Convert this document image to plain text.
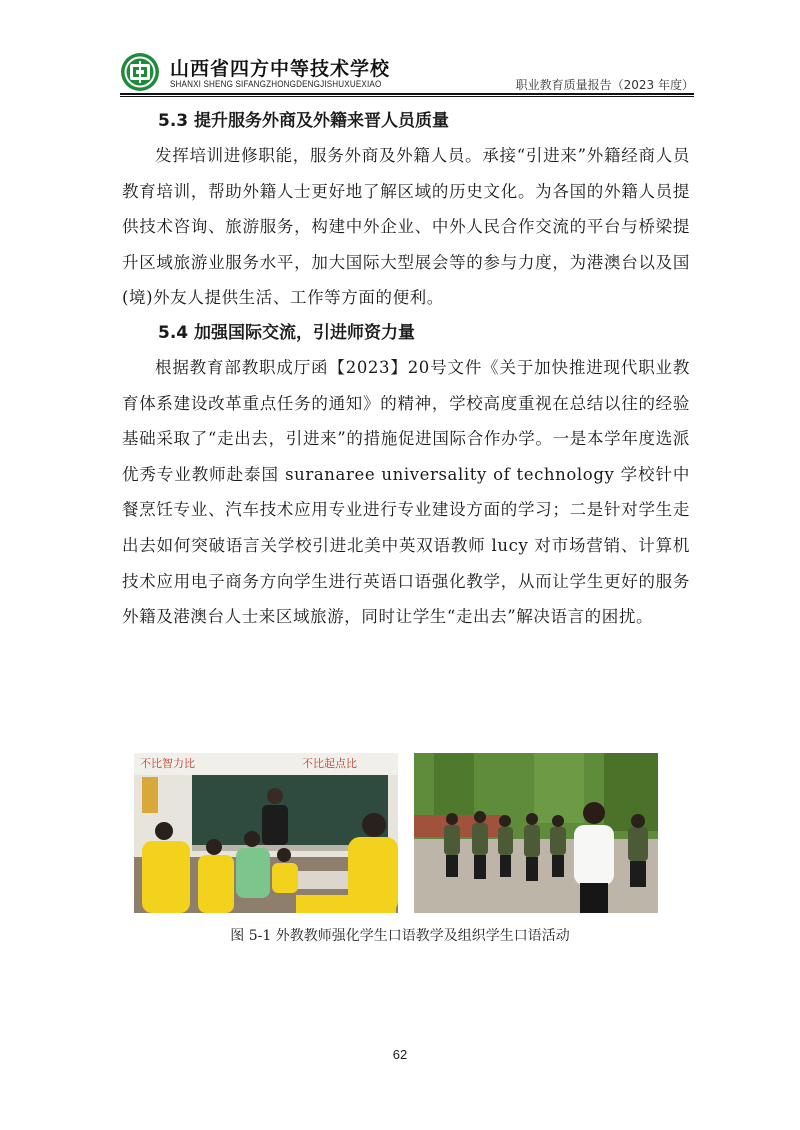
山西省四方中等技术学校
SHANXI SHENG SIFANGZHONGDENGJISHUXUEXIAO	职业教育质量报告（2023 年度）
5.3 提升服务外商及外籍来晋人员质量

发挥培训进修职能，服务外商及外籍人员。承接“引进来”外籍经商人员教育培训，帮助外籍人士更好地了解区域的历史文化。为各国的外籍人员提供技术咨询、旅游服务，构建中外企业、中外人民合作交流的平台与桥梁提升区域旅游业服务水平，加大国际大型展会等的参与力度，为港澳台以及国(境)外友人提供生活、工作等方面的便利。

5.4 加强国际交流，引进师资力量

根据教育部教职成厅函【2023】20号文件《关于加快推进现代职业教育体系建设改革重点任务的通知》的精神，学校高度重视在总结以往的经验基础采取了“走出去，引进来”的措施促进国际合作办学。一是本学年度选派优秀专业教师赴泰国 suranaree universality of technology 学校针中餐烹饪专业、汽车技术应用专业进行专业建设方面的学习；二是针对学生走出去如何突破语言关学校引进北美中英双语教师 lucy 对市场营销、计算机技术应用电子商务方向学生进行英语口语强化教学，从而让学生更好的服务外籍及港澳台人士来区域旅游，同时让学生“走出去”解决语言的困扰。

不比智力比	不比起点比
图 5-1 外教教师强化学生口语教学及组织学生口语活动
62
